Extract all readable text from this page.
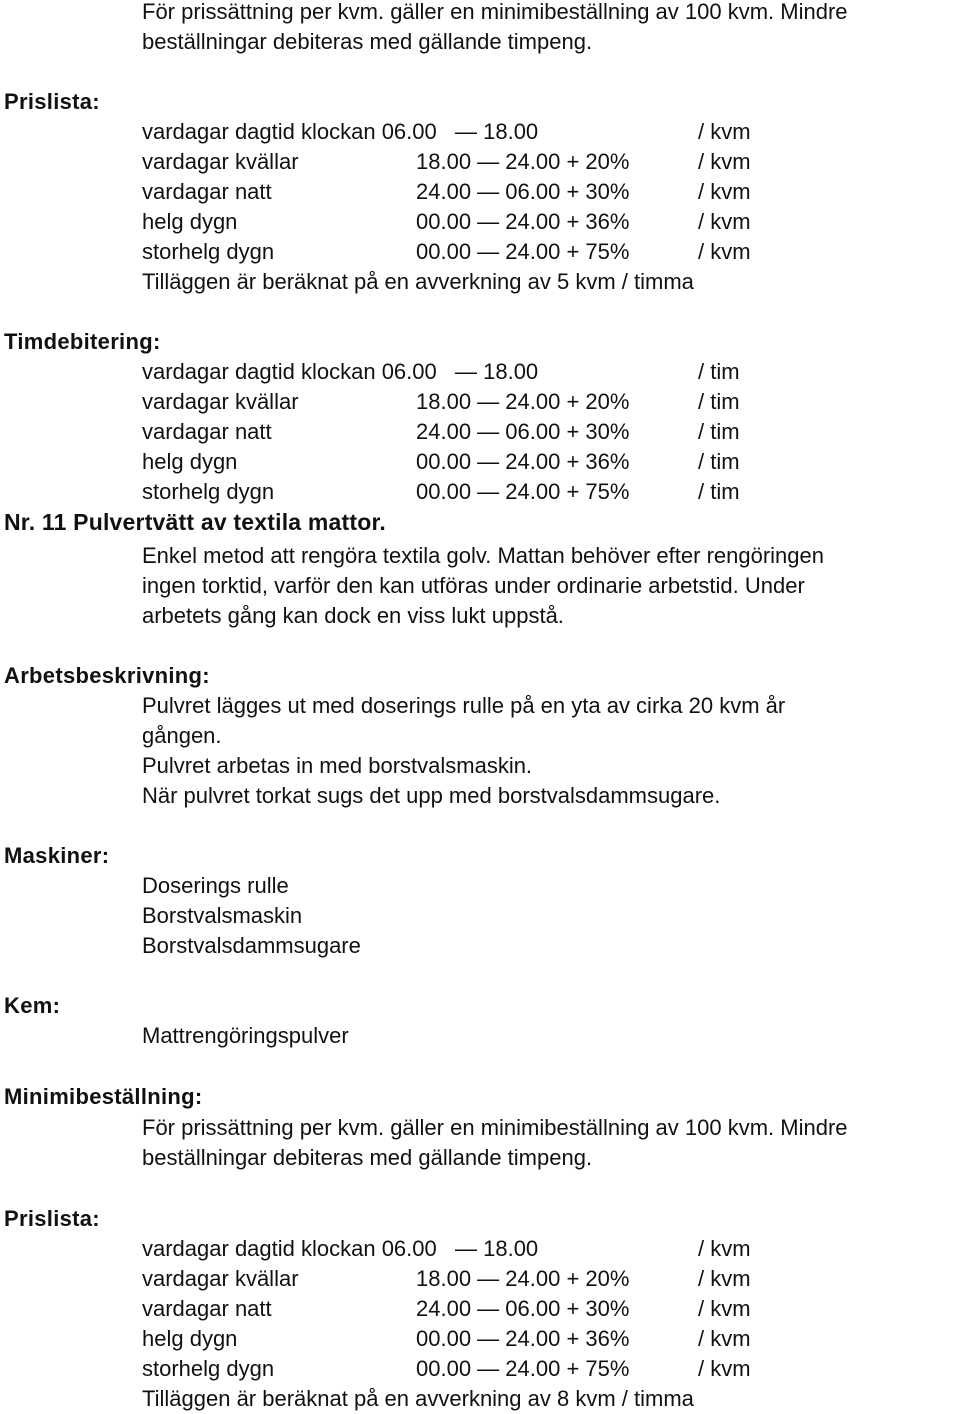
För prissättning per kvm. gäller en minimibeställning av 100 kvm. Mindre
beställningar debiteras med gällande timpeng.
Prislista:
vardagar dagtid klockan 06.00 — 18.00	/ kvm
vardagar kvällar	18.00 — 24.00 + 20%	/ kvm
vardagar natt	24.00 — 06.00 + 30%	/ kvm
helg dygn	00.00 — 24.00 + 36%	/ kvm
storhelg dygn	00.00 — 24.00 + 75%	/ kvm
Tilläggen är beräknat på en avverkning av 5 kvm / timma
Timdebitering:
vardagar dagtid klockan 06.00 — 18.00	/ tim
vardagar kvällar	18.00 — 24.00 + 20%	/ tim
vardagar natt	24.00 — 06.00 + 30%	/ tim
helg dygn	00.00 — 24.00 + 36%	/ tim
storhelg dygn	00.00 — 24.00 + 75%	/ tim
Nr. 11 Pulvertvätt av textila mattor.
Enkel metod att rengöra textila golv. Mattan behöver efter rengöringen
ingen torktid, varför den kan utföras under ordinarie arbetstid. Under
arbetets gång kan dock en viss lukt uppstå.
Arbetsbeskrivning:
Pulvret lägges ut med doserings rulle på en yta av cirka 20 kvm år
gången.
Pulvret arbetas in med borstvalsmaskin.
När pulvret torkat sugs det upp med borstvalsdammsugare.
Maskiner:
Doserings rulle
Borstvalsmaskin
Borstvalsdammsugare
Kem:
Mattrengöringspulver
Minimibeställning:
För prissättning per kvm. gäller en minimibeställning av 100 kvm. Mindre
beställningar debiteras med gällande timpeng.
Prislista:
vardagar dagtid klockan 06.00 — 18.00	/ kvm
vardagar kvällar	18.00 — 24.00 + 20%	/ kvm
vardagar natt	24.00 — 06.00 + 30%	/ kvm
helg dygn	00.00 — 24.00 + 36%	/ kvm
storhelg dygn	00.00 — 24.00 + 75%	/ kvm
Tilläggen är beräknat på en avverkning av 8 kvm / timma
